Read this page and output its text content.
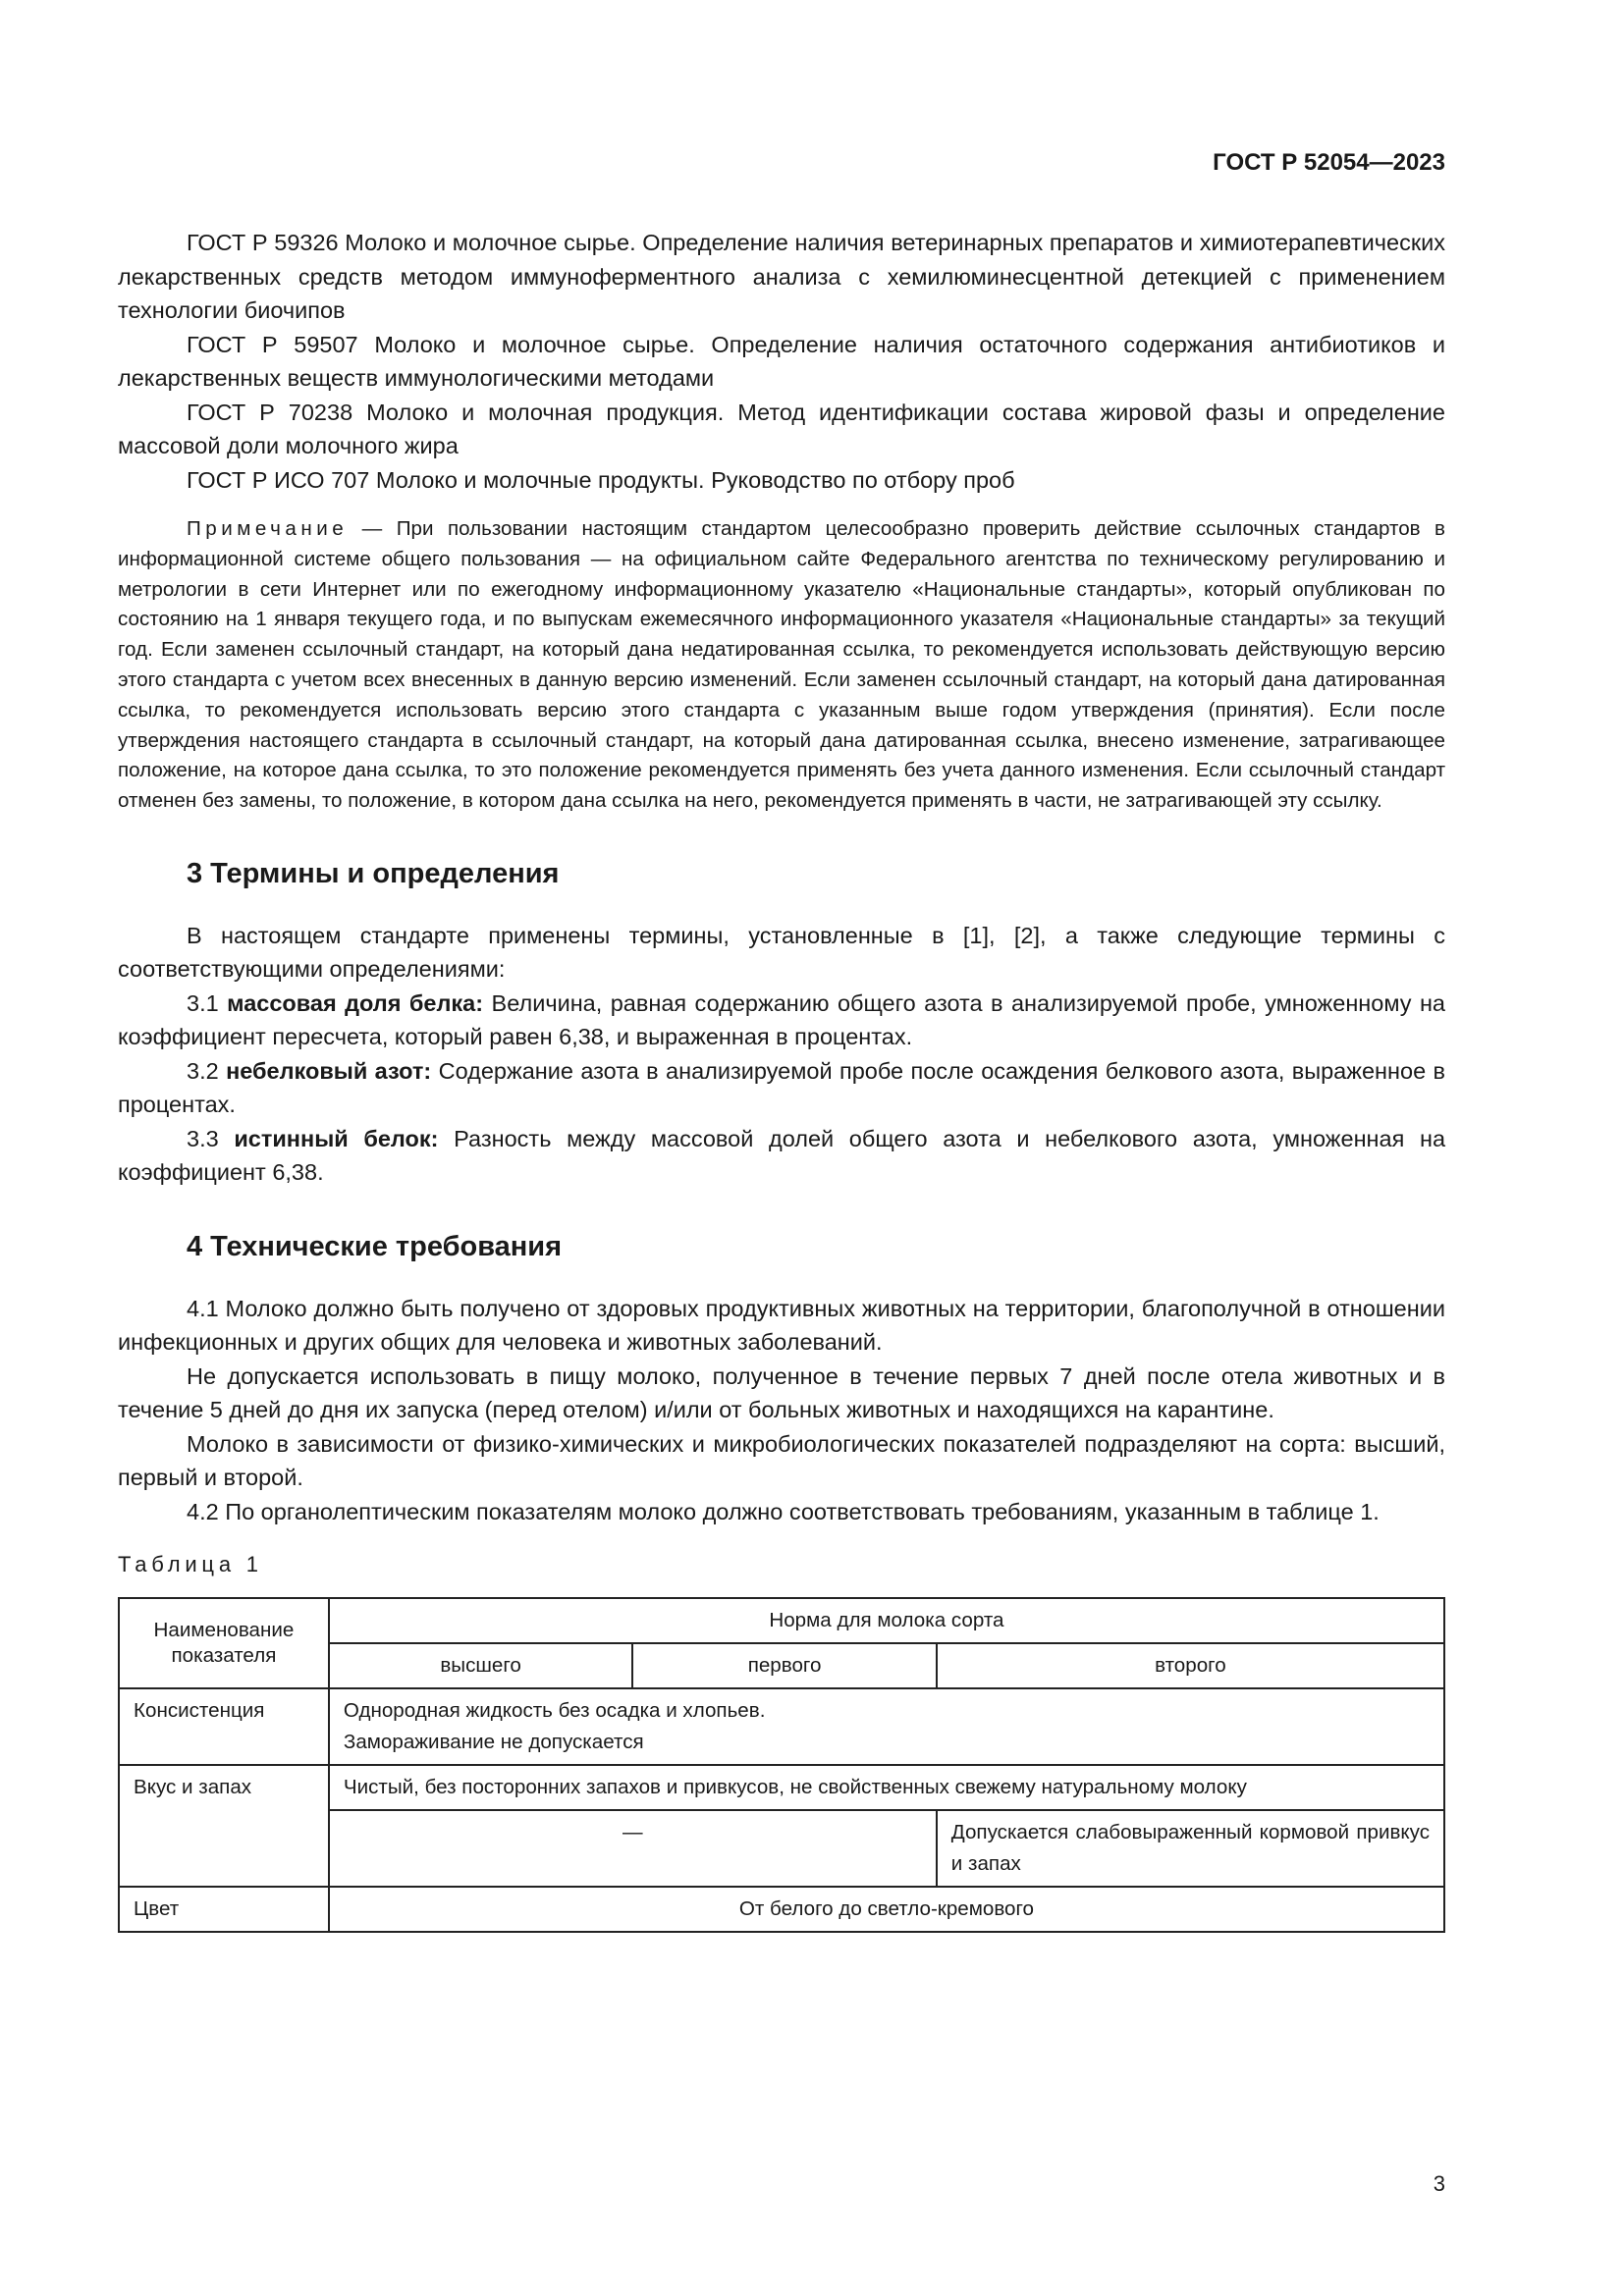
ГОСТ Р 52054—2023

ГОСТ Р 59326 Молоко и молочное сырье. Определение наличия ветеринарных препаратов и химиотерапевтических лекарственных средств методом иммуноферментного анализа с хемилюминесцентной детекцией с применением технологии биочипов

ГОСТ Р 59507 Молоко и молочное сырье. Определение наличия остаточного содержания антибиотиков и лекарственных веществ иммунологическими методами

ГОСТ Р 70238 Молоко и молочная продукция. Метод идентификации состава жировой фазы и определение массовой доли молочного жира

ГОСТ Р ИСО 707 Молоко и молочные продукты. Руководство по отбору проб

Примечание — При пользовании настоящим стандартом целесообразно проверить действие ссылочных стандартов в информационной системе общего пользования — на официальном сайте Федерального агентства по техническому регулированию и метрологии в сети Интернет или по ежегодному информационному указателю «Национальные стандарты», который опубликован по состоянию на 1 января текущего года, и по выпускам ежемесячного информационного указателя «Национальные стандарты» за текущий год. Если заменен ссылочный стандарт, на который дана недатированная ссылка, то рекомендуется использовать действующую версию этого стандарта с учетом всех внесенных в данную версию изменений. Если заменен ссылочный стандарт, на который дана датированная ссылка, то рекомендуется использовать версию этого стандарта с указанным выше годом утверждения (принятия). Если после утверждения настоящего стандарта в ссылочный стандарт, на который дана датированная ссылка, внесено изменение, затрагивающее положение, на которое дана ссылка, то это положение рекомендуется применять без учета данного изменения. Если ссылочный стандарт отменен без замены, то положение, в котором дана ссылка на него, рекомендуется применять в части, не затрагивающей эту ссылку.
3 Термины и определения

В настоящем стандарте применены термины, установленные в [1], [2], а также следующие термины с соответствующими определениями:

3.1 массовая доля белка: Величина, равная содержанию общего азота в анализируемой пробе, умноженному на коэффициент пересчета, который равен 6,38, и выраженная в процентах.

3.2 небелковый азот: Содержание азота в анализируемой пробе после осаждения белкового азота, выраженное в процентах.

3.3 истинный белок: Разность между массовой долей общего азота и небелкового азота, умноженная на коэффициент 6,38.

4 Технические требования

4.1 Молоко должно быть получено от здоровых продуктивных животных на территории, благополучной в отношении инфекционных и других общих для человека и животных заболеваний.

Не допускается использовать в пищу молоко, полученное в течение первых 7 дней после отела животных и в течение 5 дней до дня их запуска (перед отелом) и/или от больных животных и находящихся на карантине.

Молоко в зависимости от физико-химических и микробиологических показателей подразделяют на сорта: высший, первый и второй.

4.2 По органолептическим показателям молоко должно соответствовать требованиям, указанным в таблице 1.

Таблица 1
Наименование показателя	Норма для молока сорта		
	высшего	первого	второго
Консистенция	Однородная жидкость без осадка и хлопьев.
Замораживание не допускается		

Вкус и запах	Чистый, без посторонних запахов и привкусов, не свойственных свежему натуральному молоку		
	—		Допускается слабовыраженный кормовой привкус и запах
Цвет	От белого до светло-кремового		
3
